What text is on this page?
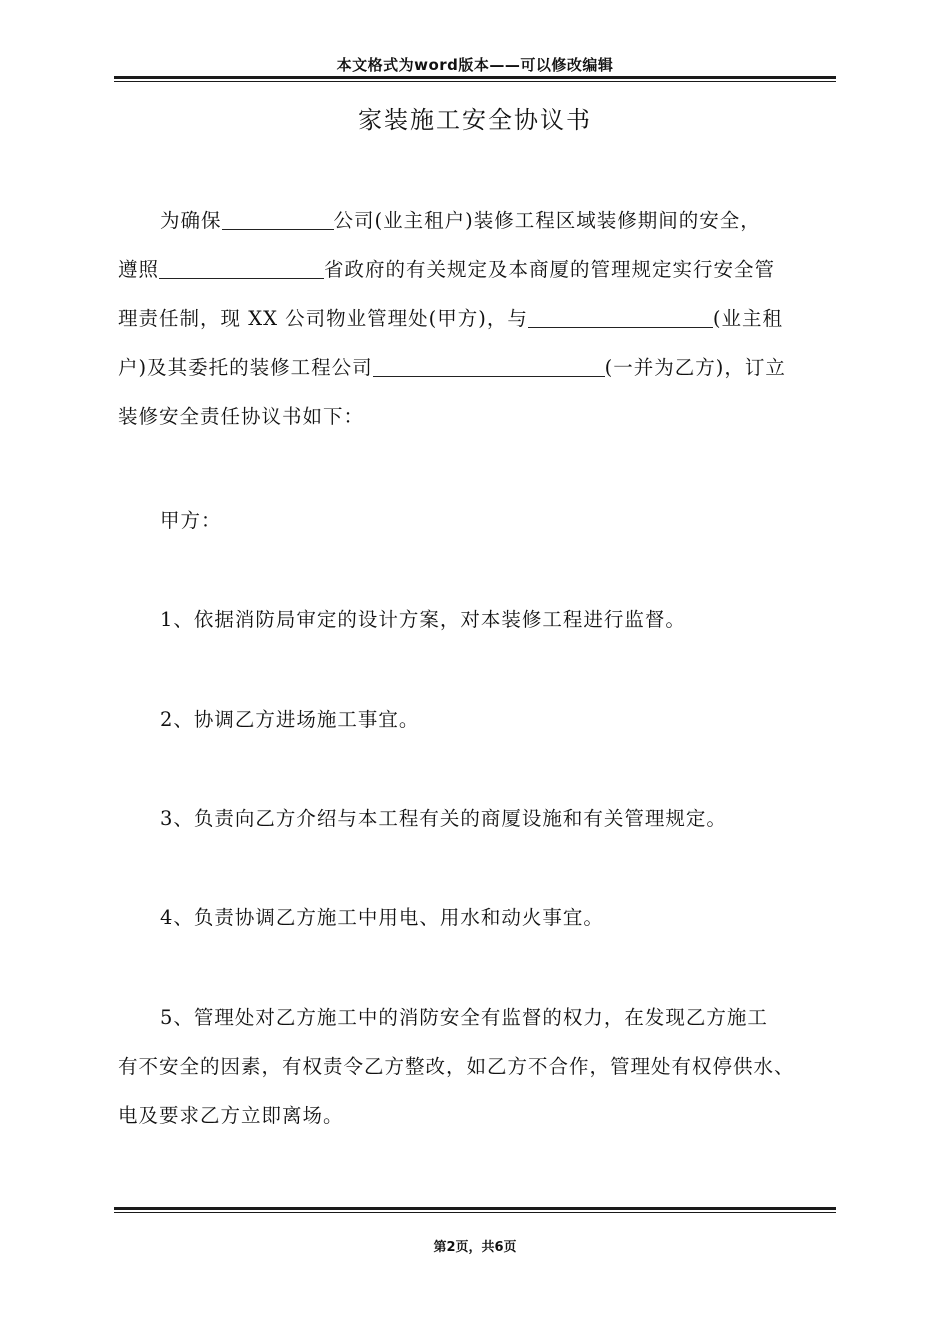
本文格式为word版本——可以修改编辑
家装施工安全协议书
为确保	公司(业主租户)装修工程区域装修期间的安全，
遵照	省政府的有关规定及本商厦的管理规定实行安全管
理责任制，现 XX 公司物业管理处(甲方)，与	(业主租
户)及其委托的装修工程公司	(一并为乙方)，订立
装修安全责任协议书如下：
甲方：
1、依据消防局审定的设计方案，对本装修工程进行监督。
2、协调乙方进场施工事宜。
3、负责向乙方介绍与本工程有关的商厦设施和有关管理规定。
4、负责协调乙方施工中用电、用水和动火事宜。
5、管理处对乙方施工中的消防安全有监督的权力，在发现乙方施工
有不安全的因素，有权责令乙方整改，如乙方不合作，管理处有权停供水、
电及要求乙方立即离场。
第2页，共6页
